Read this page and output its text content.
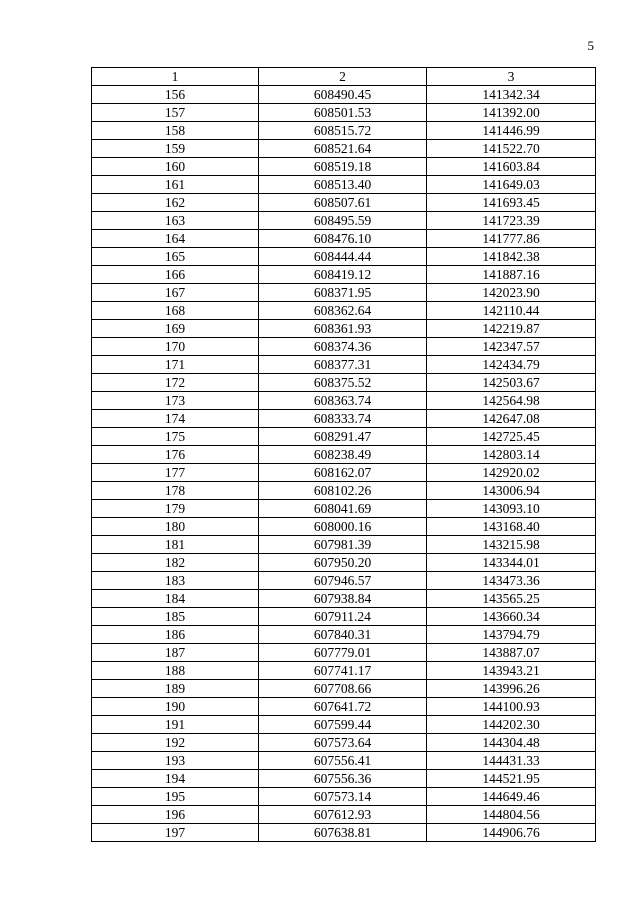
5
1	2	3
156	608490.45	141342.34
157	608501.53	141392.00
158	608515.72	141446.99
159	608521.64	141522.70
160	608519.18	141603.84
161	608513.40	141649.03
162	608507.61	141693.45
163	608495.59	141723.39
164	608476.10	141777.86
165	608444.44	141842.38
166	608419.12	141887.16
167	608371.95	142023.90
168	608362.64	142110.44
169	608361.93	142219.87
170	608374.36	142347.57
171	608377.31	142434.79
172	608375.52	142503.67
173	608363.74	142564.98
174	608333.74	142647.08
175	608291.47	142725.45
176	608238.49	142803.14
177	608162.07	142920.02
178	608102.26	143006.94
179	608041.69	143093.10
180	608000.16	143168.40
181	607981.39	143215.98
182	607950.20	143344.01
183	607946.57	143473.36
184	607938.84	143565.25
185	607911.24	143660.34
186	607840.31	143794.79
187	607779.01	143887.07
188	607741.17	143943.21
189	607708.66	143996.26
190	607641.72	144100.93
191	607599.44	144202.30
192	607573.64	144304.48
193	607556.41	144431.33
194	607556.36	144521.95
195	607573.14	144649.46
196	607612.93	144804.56
197	607638.81	144906.76
